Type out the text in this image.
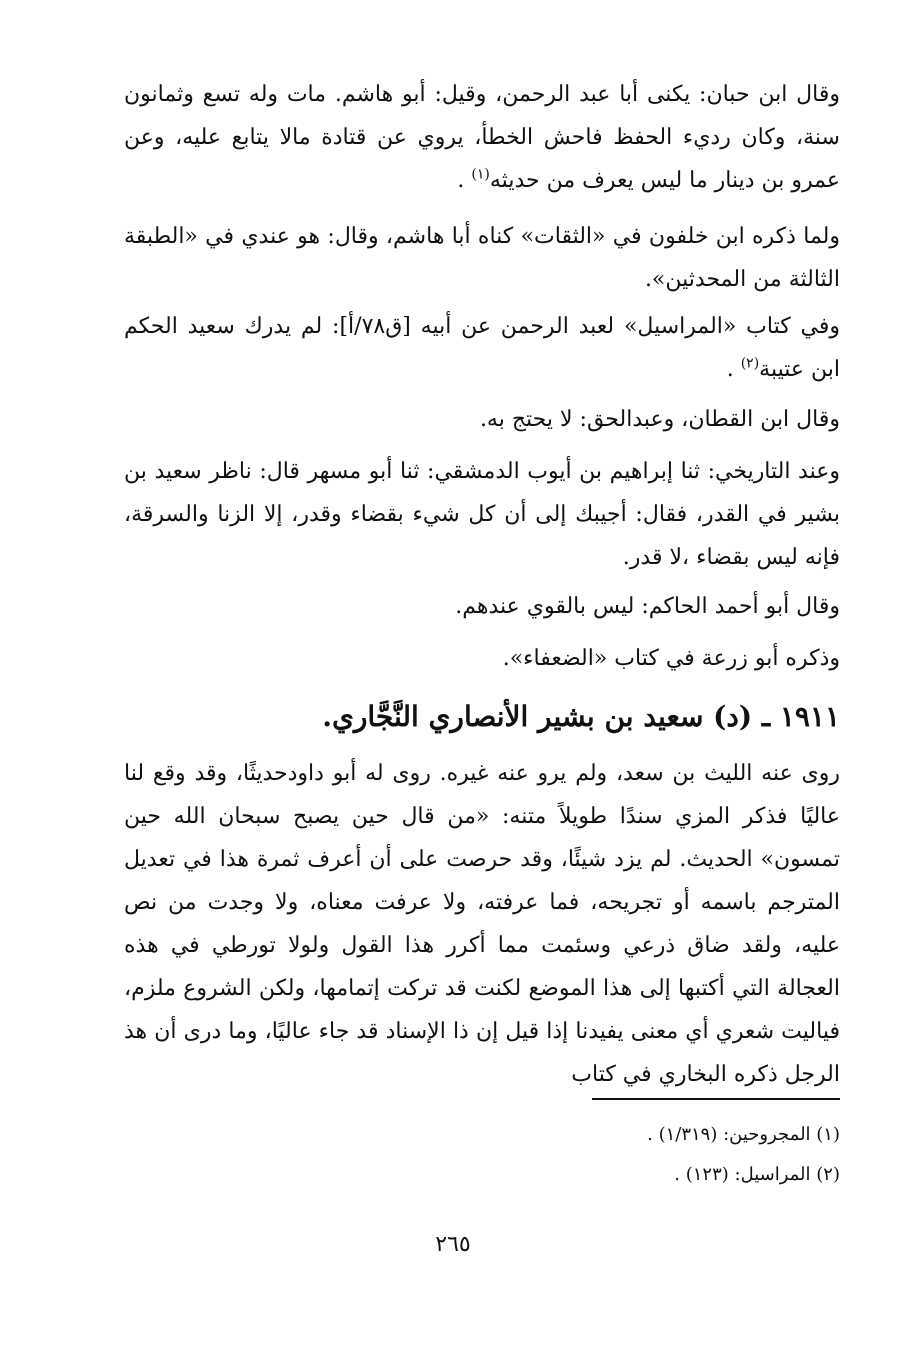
وقال ابن حبان: يكنى أبا عبد الرحمن، وقيل: أبو هاشم. مات وله تسع وثمانون سنة، وكان رديء الحفظ فاحش الخطأ، يروي عن قتادة مالا يتابع عليه، وعن عمرو بن دينار ما ليس يعرف من حديثه$^{(١)}$ .

ولما ذكره ابن خلفون في «الثقات» كناه أبا هاشم، وقال: هو عندي في «الطبقة الثالثة من المحدثين».

وفي كتاب «المراسيل» لعبد الرحمن عن أبيه [ق٧٨/أ]: لم يدرك سعيد الحكم ابن عتيبة$^{(٢)}$ .

وقال ابن القطان، وعبدالحق: لا يحتج به.

وعند التاريخي: ثنا إبراهيم بن أيوب الدمشقي: ثنا أبو مسهر قال: ناظر سعيد بن بشير في القدر، فقال: أجيبك إلى أن كل شيء بقضاء وقدر، إلا الزنا والسرقة، فإنه ليس بقضاء ،لا قدر.

وقال أبو أحمد الحاكم: ليس بالقوي عندهم.

وذكره أبو زرعة في كتاب «الضعفاء».

١٩١١ ـ (د) سعيد بن بشير الأنصاري النَّجَّاري.

روى عنه الليث بن سعد، ولم يرو عنه غيره. روى له أبو داودحديثًا، وقد وقع لنا عاليًا فذكر المزي سندًا طويلاً متنه: «من قال حين يصبح سبحان الله حين تمسون» الحديث. لم يزد شيئًا، وقد حرصت على أن أعرف ثمرة هذا في تعديل المترجم باسمه أو تجريحه، فما عرفته، ولا عرفت معناه، ولا وجدت من نص عليه، ولقد ضاق ذرعي وسئمت مما أكرر هذا القول ولولا تورطي في هذه العجالة التي أكتبها إلى هذا الموضع لكنت قد تركت إتمامها، ولكن الشروع ملزم، فياليت شعري أي معنى يفيدنا إذا قيل إن ذا الإسناد قد جاء عاليًا، وما درى أن هذ الرجل ذكره البخاري في كتاب

(١) المجروحين: (١/٣١٩) .

(٢) المراسيل: (١٢٣) .

٢٦٥
